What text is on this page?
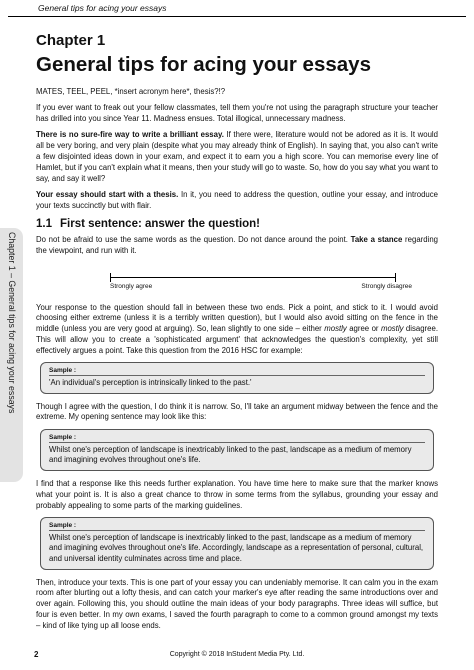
General tips for acing your essays
Chapter 1 – General tips for acing your essays
Chapter 1
General tips for acing your essays

MATES, TEEL, PEEL, *insert acronym here*, thesis?!?

If you ever want to freak out your fellow classmates, tell them you're not using the paragraph structure your teacher has drilled into you since Year 11. Madness ensues. Total illogical, unnecessary madness.

There is no sure-fire way to write a brilliant essay. If there were, literature would not be adored as it is. It would all be very boring, and very plain (despite what you may already think of English). In saying that, you also can't write a few disjointed ideas down in your exam, and expect it to earn you a high score. You can memorise every line of Hamlet, but if you can't explain what it means, then your study will go to waste. So, how do you say what you want to say, and say it well?

Your essay should start with a thesis. In it, you need to address the question, outline your essay, and introduce your texts succinctly but with flair.

1.1 First sentence: answer the question!

Do not be afraid to use the same words as the question. Do not dance around the point. Take a stance regarding the viewpoint, and run with it.

Strongly agree	Strongly disagree

Your response to the question should fall in between these two ends. Pick a point, and stick to it. I would avoid choosing either extreme (unless it is a terribly written question), but I would also avoid sitting on the fence in the middle (unless you are very good at arguing). So, lean slightly to one side – either mostly agree or mostly disagree. This will allow you to create a 'sophisticated argument' that acknowledges the question's complexity, yet still effectively argues a point. Take this question from the 2016 HSC for example:

Sample :
'An individual's perception is intrinsically linked to the past.'

Though I agree with the question, I do think it is narrow. So, I'll take an argument midway between the fence and the extreme. My opening sentence may look like this:

Sample :
Whilst one's perception of landscape is inextricably linked to the past, landscape as a medium of memory and imagining evolves throughout one's life.

I find that a response like this needs further explanation. You have time here to make sure that the marker knows what your point is. It is also a great chance to throw in some terms from the syllabus, grounding your essay and probably appealing to some parts of the marking guidelines.

Sample :
Whilst one's perception of landscape is inextricably linked to the past, landscape as a medium of memory and imagining evolves throughout one's life. Accordingly, landscape as a representation of personal, cultural, and universal identity culminates across time and place.

Then, introduce your texts. This is one part of your essay you can undeniably memorise. It can calm you in the exam room after blurting out a lofty thesis, and can catch your marker's eye after reading the same introductions over and over again. Following this, you should outline the main ideas of your body paragraphs. Three ideas will suffice, but four is even better. In my own exams, I saved the fourth paragraph to come to a common ground amongst my texts – kind of like tying up all loose ends.

2	Copyright © 2018 InStudent Media Pty. Ltd.
